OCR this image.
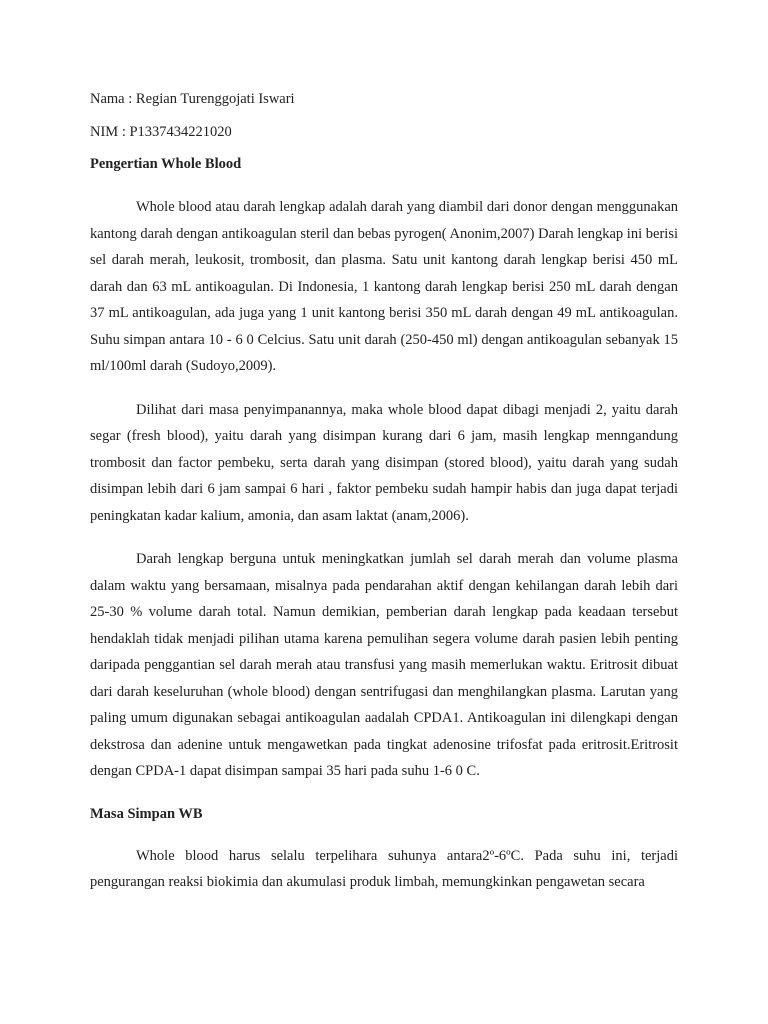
Nama : Regian Turenggojati Iswari

NIM : P1337434221020

Pengertian Whole Blood

Whole blood atau darah lengkap adalah darah yang diambil dari donor dengan menggunakan kantong darah dengan antikoagulan steril dan bebas pyrogen( Anonim,2007) Darah lengkap ini berisi sel darah merah, leukosit, trombosit, dan plasma. Satu unit kantong darah lengkap berisi 450 mL darah dan 63 mL antikoagulan. Di Indonesia, 1 kantong darah lengkap berisi 250 mL darah dengan 37 mL antikoagulan, ada juga yang 1 unit kantong berisi 350 mL darah dengan 49 mL antikoagulan. Suhu simpan antara 10 - 6 0 Celcius. Satu unit darah (250-450 ml) dengan antikoagulan sebanyak 15 ml/100ml darah (Sudoyo,2009).

Dilihat dari masa penyimpanannya, maka whole blood dapat dibagi menjadi 2, yaitu darah segar (fresh blood), yaitu darah yang disimpan kurang dari 6 jam, masih lengkap menngandung trombosit dan factor pembeku, serta darah yang disimpan (stored blood), yaitu darah yang sudah disimpan lebih dari 6 jam sampai 6 hari , faktor pembeku sudah hampir habis dan juga dapat terjadi peningkatan kadar kalium, amonia, dan asam laktat (anam,2006).

Darah lengkap berguna untuk meningkatkan jumlah sel darah merah dan volume plasma dalam waktu yang bersamaan, misalnya pada pendarahan aktif dengan kehilangan darah lebih dari 25-30 % volume darah total. Namun demikian, pemberian darah lengkap pada keadaan tersebut hendaklah tidak menjadi pilihan utama karena pemulihan segera volume darah pasien lebih penting daripada penggantian sel darah merah atau transfusi yang masih memerlukan waktu. Eritrosit dibuat dari darah keseluruhan (whole blood) dengan sentrifugasi dan menghilangkan plasma. Larutan yang paling umum digunakan sebagai antikoagulan aadalah CPDA1. Antikoagulan ini dilengkapi dengan dekstrosa dan adenine untuk mengawetkan pada tingkat adenosine trifosfat pada eritrosit.Eritrosit dengan CPDA-1 dapat disimpan sampai 35 hari pada suhu 1-6 0 C.

Masa Simpan WB

Whole blood harus selalu terpelihara suhunya antara2º-6ºC. Pada suhu ini, terjadi pengurangan reaksi biokimia dan akumulasi produk limbah, memungkinkan pengawetan secara
